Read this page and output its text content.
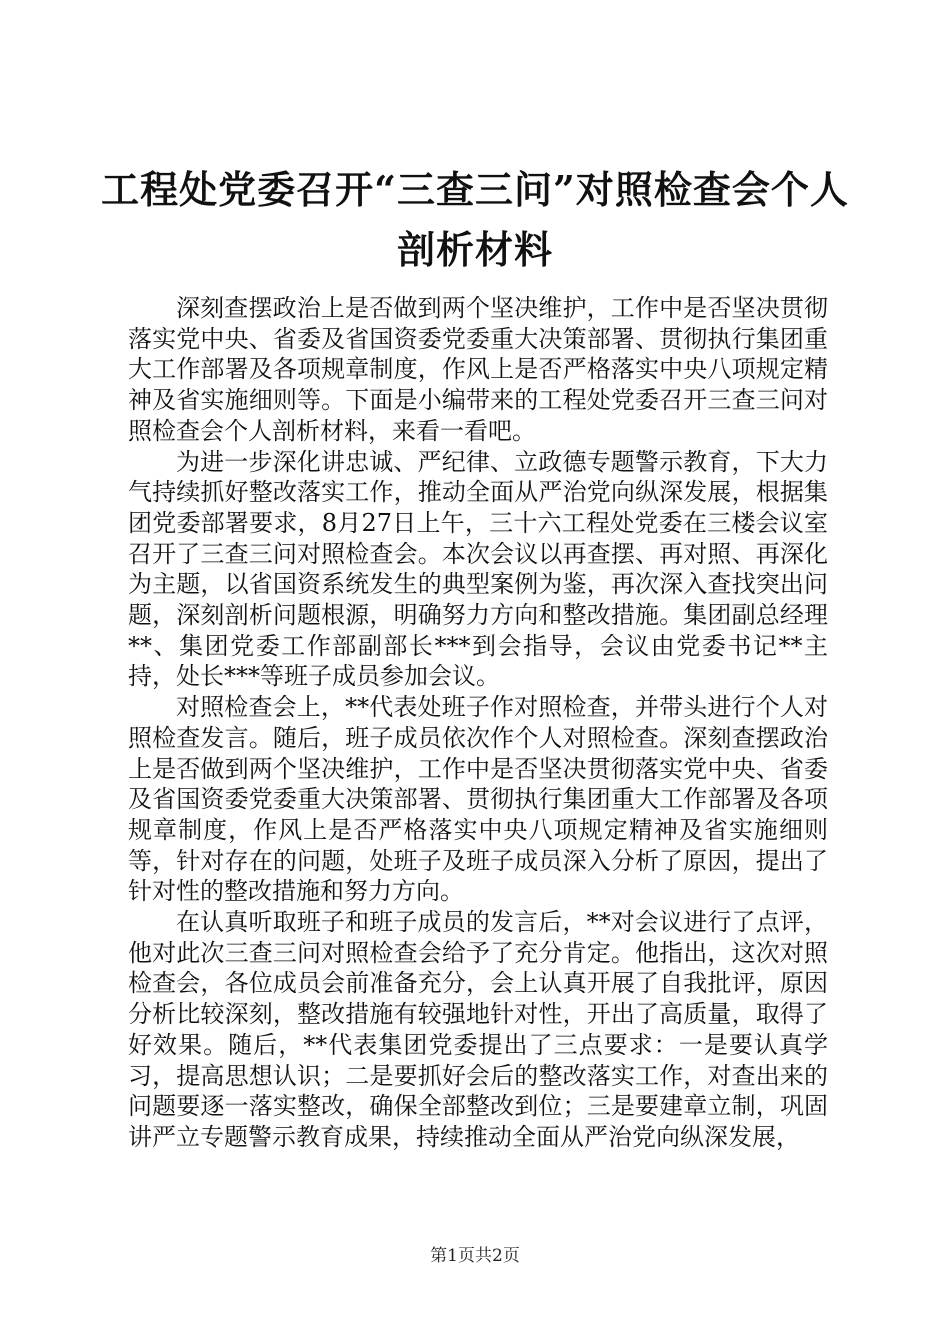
工程处党委召开“三查三问”对照检查会个人
剖析材料

深刻查摆政治上是否做到两个坚决维护，工作中是否坚决贯彻落实党中央、省委及省国资委党委重大决策部署、贯彻执行集团重大工作部署及各项规章制度，作风上是否严格落实中央八项规定精神及省实施细则等。下面是小编带来的工程处党委召开三查三问对照检查会个人剖析材料，来看一看吧。

为进一步深化讲忠诚、严纪律、立政德专题警示教育，下大力气持续抓好整改落实工作，推动全面从严治党向纵深发展，根据集团党委部署要求，8月27日上午，三十六工程处党委在三楼会议室召开了三查三问对照检查会。本次会议以再查摆、再对照、再深化为主题，以省国资系统发生的典型案例为鉴，再次深入查找突出问题，深刻剖析问题根源，明确努力方向和整改措施。集团副总经理**、集团党委工作部副部长***到会指导，会议由党委书记**主持，处长***等班子成员参加会议。

对照检查会上，**代表处班子作对照检查，并带头进行个人对照检查发言。随后，班子成员依次作个人对照检查。深刻查摆政治上是否做到两个坚决维护，工作中是否坚决贯彻落实党中央、省委及省国资委党委重大决策部署、贯彻执行集团重大工作部署及各项规章制度，作风上是否严格落实中央八项规定精神及省实施细则等，针对存在的问题，处班子及班子成员深入分析了原因，提出了针对性的整改措施和努力方向。

在认真听取班子和班子成员的发言后，**对会议进行了点评，他对此次三查三问对照检查会给予了充分肯定。他指出，这次对照检查会，各位成员会前准备充分，会上认真开展了自我批评，原因分析比较深刻，整改措施有较强地针对性，开出了高质量，取得了好效果。随后，**代表集团党委提出了三点要求：一是要认真学习，提高思想认识；二是要抓好会后的整改落实工作，对查出来的问题要逐一落实整改，确保全部整改到位；三是要建章立制，巩固讲严立专题警示教育成果，持续推动全面从严治党向纵深发展，

第1页共2页
